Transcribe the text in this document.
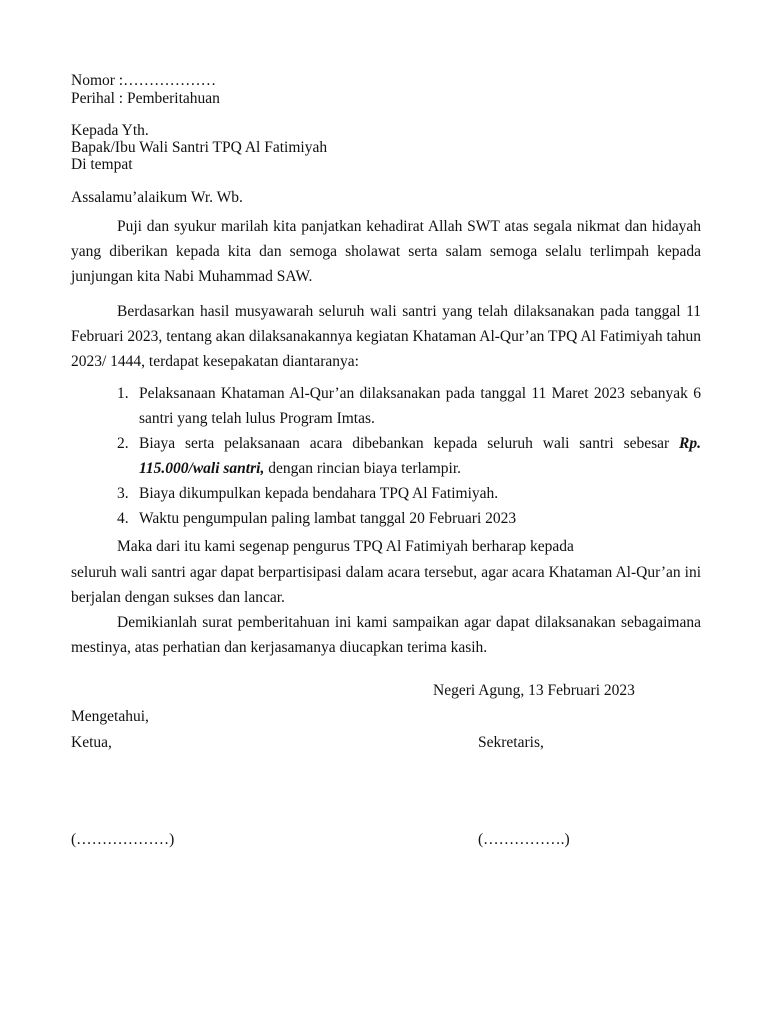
Nomor :………………
Perihal : Pemberitahuan
Kepada Yth.
Bapak/Ibu Wali Santri TPQ Al Fatimiyah
Di tempat
Assalamu’alaikum Wr. Wb.

Puji dan syukur marilah kita panjatkan kehadirat Allah SWT atas segala nikmat dan hidayah yang diberikan kepada kita dan semoga sholawat serta salam semoga selalu terlimpah kepada junjungan kita Nabi Muhammad SAW.

Berdasarkan hasil musyawarah seluruh wali santri yang telah dilaksanakan pada tanggal 11 Februari 2023, tentang akan dilaksanakannya kegiatan Khataman Al-Qur’an TPQ Al Fatimiyah tahun 2023/ 1444, terdapat kesepakatan diantaranya:

1. Pelaksanaan Khataman Al-Qur’an dilaksanakan pada tanggal 11 Maret 2023 sebanyak 6 santri yang telah lulus Program Imtas.
2. Biaya serta pelaksanaan acara dibebankan kepada seluruh wali santri sebesar Rp. 115.000/wali santri, dengan rincian biaya terlampir.
3. Biaya dikumpulkan kepada bendahara TPQ Al Fatimiyah.
4. Waktu pengumpulan paling lambat tanggal 20 Februari 2023
Maka dari itu kami segenap pengurus TPQ Al Fatimiyah berharap kepada

seluruh wali santri agar dapat berpartisipasi dalam acara tersebut, agar acara Khataman Al-Qur’an ini berjalan dengan sukses dan lancar.

Demikianlah surat pemberitahuan ini kami sampaikan agar dapat dilaksanakan sebagaimana mestinya, atas perhatian dan kerjasamanya diucapkan terima kasih.

Negeri Agung, 13 Februari 2023
Mengetahui,
Ketua,	Sekretaris,
(………………)	(…………….)
